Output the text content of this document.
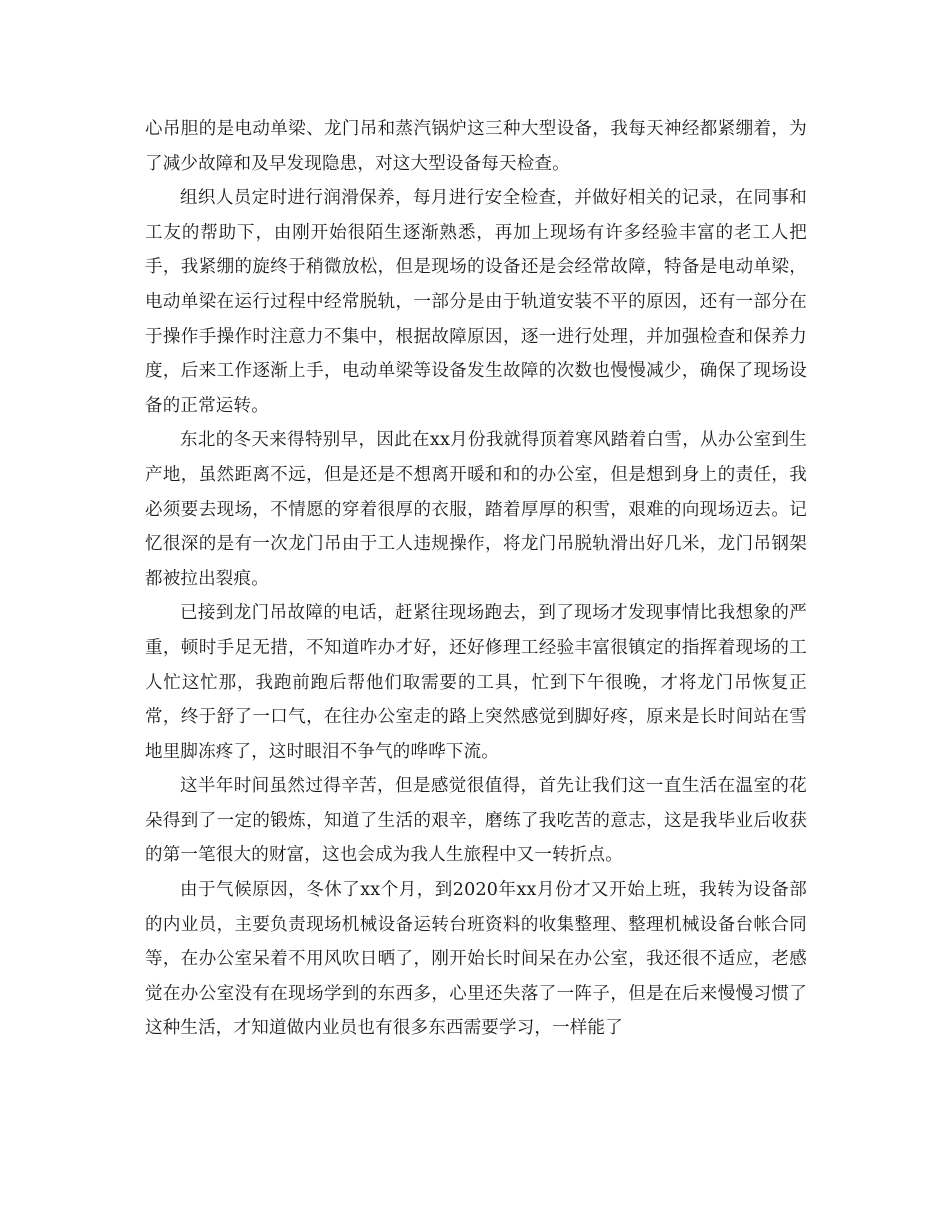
心吊胆的是电动单梁、龙门吊和蒸汽锅炉这三种大型设备，我每天神经都紧绷着，为了减少故障和及早发现隐患，对这大型设备每天检查。

组织人员定时进行润滑保养，每月进行安全检查，并做好相关的记录，在同事和工友的帮助下，由刚开始很陌生逐渐熟悉，再加上现场有许多经验丰富的老工人把手，我紧绷的旋终于稍微放松，但是现场的设备还是会经常故障，特备是电动单梁，电动单梁在运行过程中经常脱轨，一部分是由于轨道安装不平的原因，还有一部分在于操作手操作时注意力不集中，根据故障原因，逐一进行处理，并加强检查和保养力度，后来工作逐渐上手，电动单梁等设备发生故障的次数也慢慢减少，确保了现场设备的正常运转。

东北的冬天来得特别早，因此在xx月份我就得顶着寒风踏着白雪，从办公室到生产地，虽然距离不远，但是还是不想离开暖和和的办公室，但是想到身上的责任，我必须要去现场，不情愿的穿着很厚的衣服，踏着厚厚的积雪，艰难的向现场迈去。记忆很深的是有一次龙门吊由于工人违规操作，将龙门吊脱轨滑出好几米，龙门吊钢架都被拉出裂痕。

已接到龙门吊故障的电话，赶紧往现场跑去，到了现场才发现事情比我想象的严重，顿时手足无措，不知道咋办才好，还好修理工经验丰富很镇定的指挥着现场的工人忙这忙那，我跑前跑后帮他们取需要的工具，忙到下午很晚，才将龙门吊恢复正常，终于舒了一口气，在往办公室走的路上突然感觉到脚好疼，原来是长时间站在雪地里脚冻疼了，这时眼泪不争气的哗哗下流。

这半年时间虽然过得辛苦，但是感觉很值得，首先让我们这一直生活在温室的花朵得到了一定的锻炼，知道了生活的艰辛，磨练了我吃苦的意志，这是我毕业后收获的第一笔很大的财富，这也会成为我人生旅程中又一转折点。

由于气候原因，冬休了xx个月，到2020年xx月份才又开始上班，我转为设备部的内业员，主要负责现场机械设备运转台班资料的收集整理、整理机械设备台帐合同等，在办公室呆着不用风吹日晒了，刚开始长时间呆在办公室，我还很不适应，老感觉在办公室没有在现场学到的东西多，心里还失落了一阵子，但是在后来慢慢习惯了这种生活，才知道做内业员也有很多东西需要学习，一样能了
